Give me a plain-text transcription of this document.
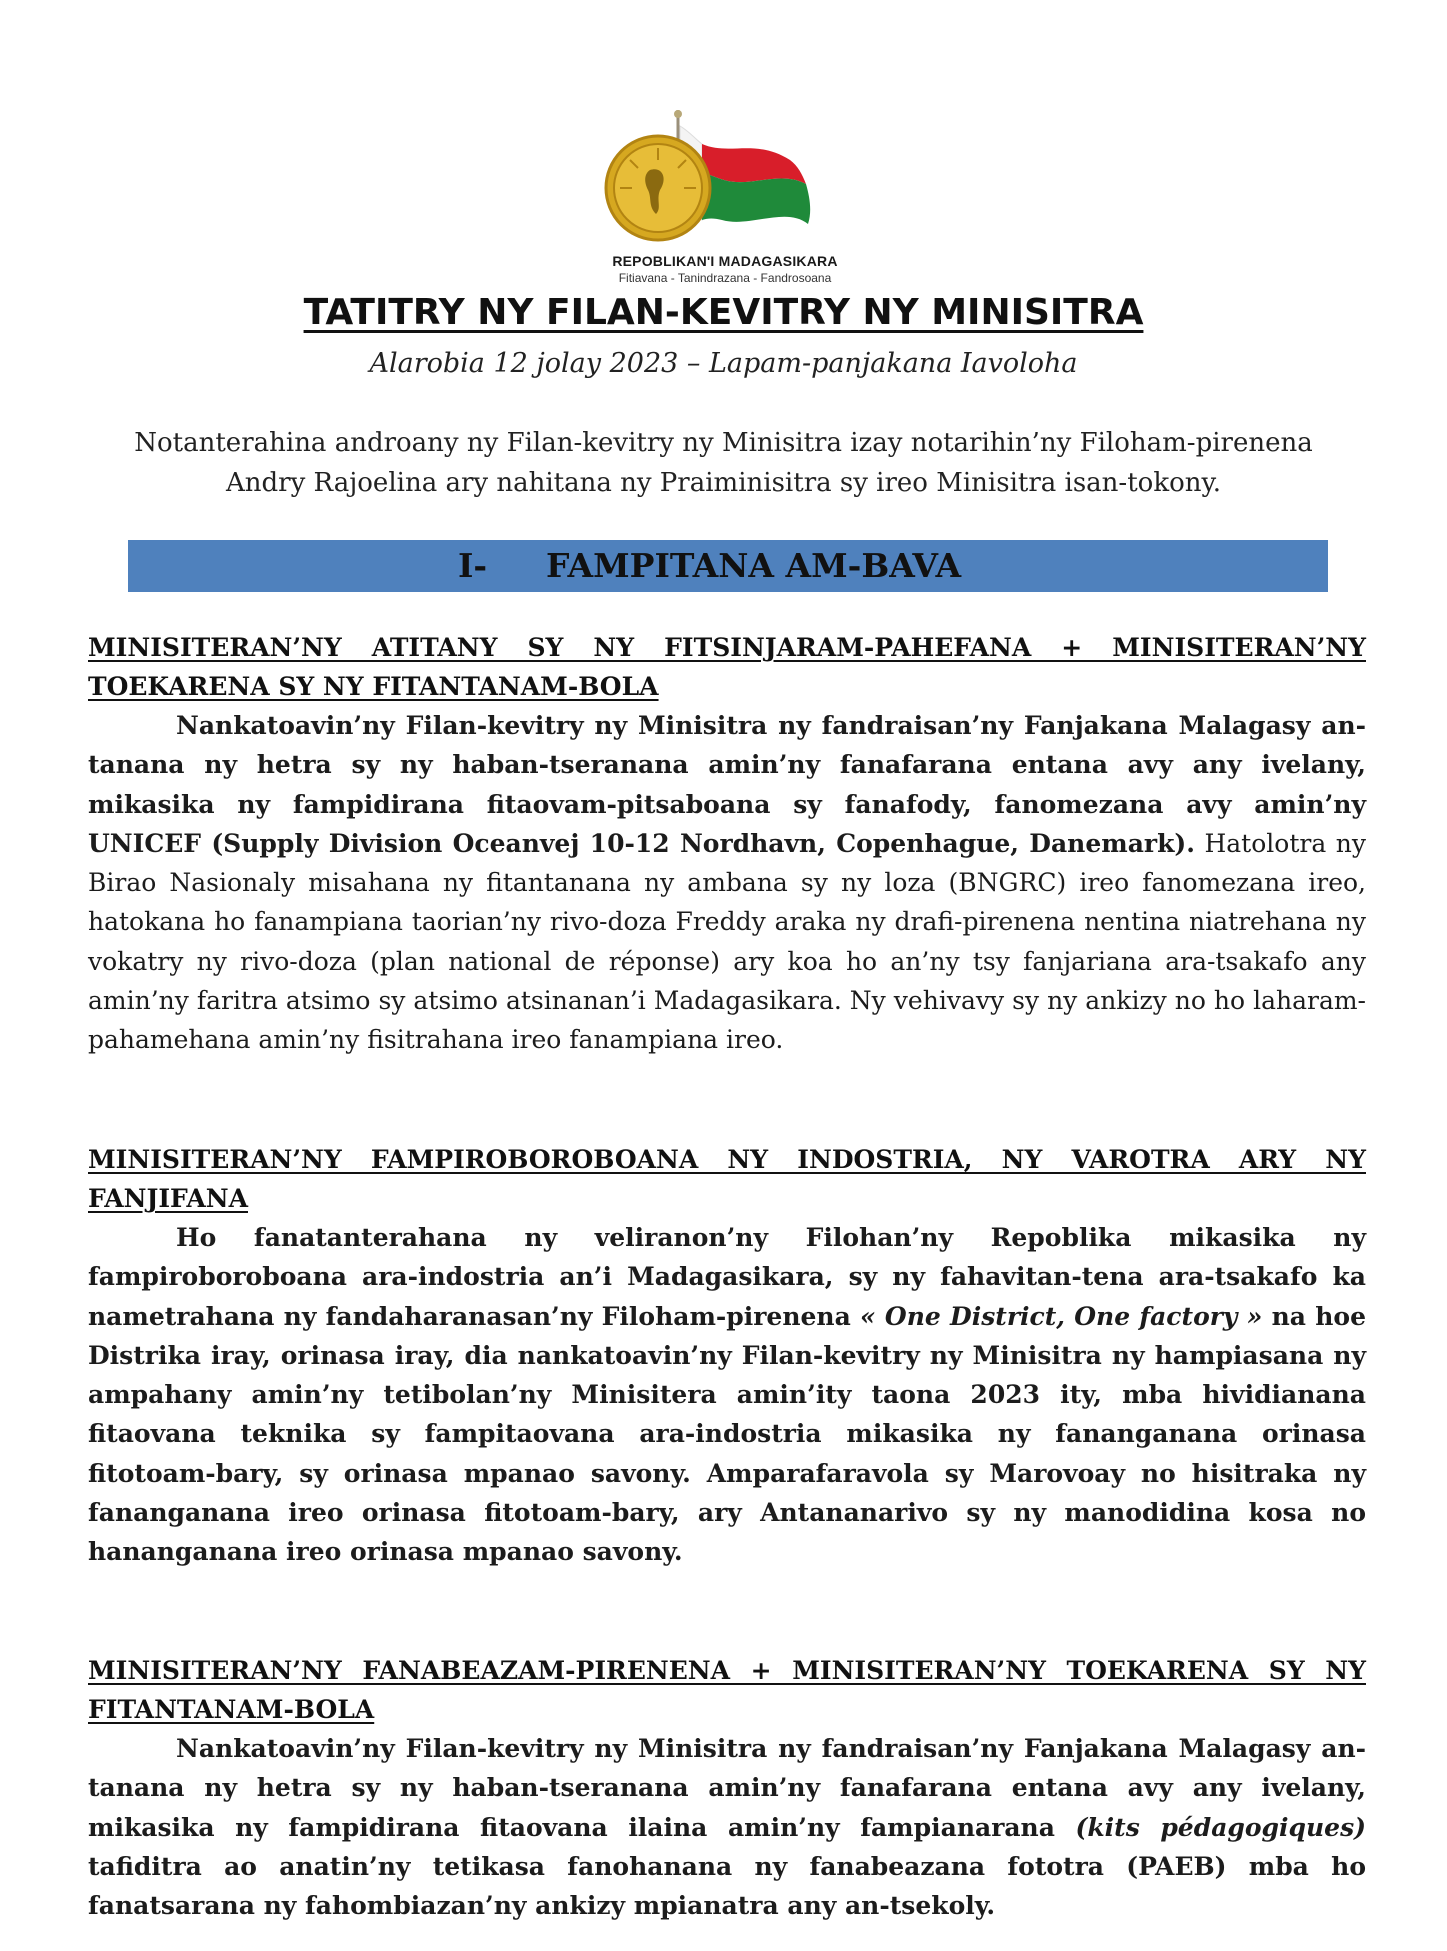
REPOBLIKAN'I MADAGASIKARA
Fitiavana - Tanindrazana - Fandrosoana
TATITRY NY FILAN-KEVITRY NY MINISITRA
Alarobia 12 jolay 2023 – Lapam-panjakana Iavoloha
Notanterahina androany ny Filan-kevitry ny Minisitra izay notarihin’ny Filoham-pirenena Andry Rajoelina ary nahitana ny Praiminisitra sy ireo Minisitra isan-tokony.
I- FAMPITANA AM-BAVA
MINISITERAN’NY ATITANY SY NY FITSINJARAM-PAHEFANA + MINISITERAN’NY TOEKARENA SY NY FITANTANAM-BOLA
Nankatoavin’ny Filan-kevitry ny Minisitra ny fandraisan’ny Fanjakana Malagasy an-tanana ny hetra sy ny haban-tseranana amin’ny fanafarana entana avy any ivelany, mikasika ny fampidirana fitaovam-pitsaboana sy fanafody, fanomezana avy amin’ny UNICEF (Supply Division Oceanvej 10-12 Nordhavn, Copenhague, Danemark). Hatolotra ny Birao Nasionaly misahana ny fitantanana ny ambana sy ny loza (BNGRC) ireo fanomezana ireo, hatokana ho fanampiana taorian’ny rivo-doza Freddy araka ny drafi-pirenena nentina niatrehana ny vokatry ny rivo-doza (plan national de réponse) ary koa ho an’ny tsy fanjariana ara-tsakafo any amin’ny faritra atsimo sy atsimo atsinanan’i Madagasikara. Ny vehivavy sy ny ankizy no ho laharam-pahamehana amin’ny fisitrahana ireo fanampiana ireo.
MINISITERAN’NY FAMPIROBOROBOANA NY INDOSTRIA, NY VAROTRA ARY NY FANJIFANA
Ho fanatanterahana ny veliranon’ny Filohan’ny Repoblika mikasika ny fampiroboroboana ara-indostria an’i Madagasikara, sy ny fahavitan-tena ara-tsakafo ka nametrahana ny fandaharanasan’ny Filoham-pirenena « One District, One factory » na hoe Distrika iray, orinasa iray, dia nankatoavin’ny Filan-kevitry ny Minisitra ny hampiasana ny ampahany amin’ny tetibolan’ny Minisitera amin’ity taona 2023 ity, mba hividianana fitaovana teknika sy fampitaovana ara-indostria mikasika ny fananganana orinasa fitotoam-bary, sy orinasa mpanao savony. Amparafaravola sy Marovoay no hisitraka ny fananganana ireo orinasa fitotoam-bary, ary Antananarivo sy ny manodidina kosa no hananganana ireo orinasa mpanao savony.
MINISITERAN’NY FANABEAZAM-PIRENENA + MINISITERAN’NY TOEKARENA SY NY FITANTANAM-BOLA
Nankatoavin’ny Filan-kevitry ny Minisitra ny fandraisan’ny Fanjakana Malagasy an-tanana ny hetra sy ny haban-tseranana amin’ny fanafarana entana avy any ivelany, mikasika ny fampidirana fitaovana ilaina amin’ny fampianarana (kits pédagogiques) tafiditra ao anatin’ny tetikasa fanohanana ny fanabeazana fototra (PAEB) mba ho fanatsarana ny fahombiazan’ny ankizy mpianatra any an-tsekoly.
